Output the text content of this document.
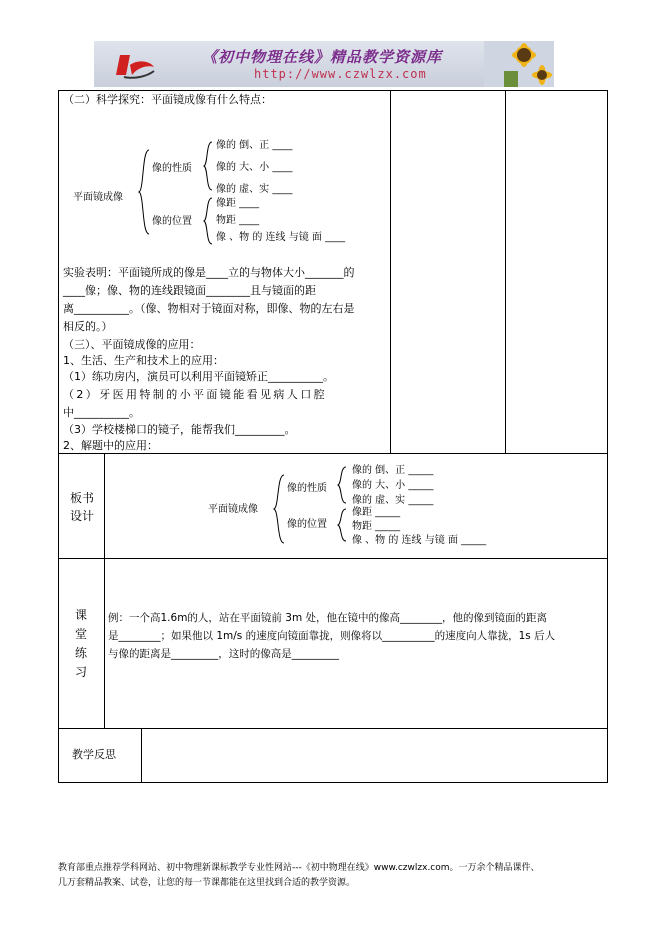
《初中物理在线》精品教学资源库
http://www.czwlzx.com
（二）科学探究：平面镜成像有什么特点：
平面镜成像
像的性质
像的 倒、正 ____
像的 大、小 ____
像的 虚、实 ____
像的位置
像距 ____
物距 ____
像 、物 的 连线 与镜 面 ____
实验表明：平面镜所成的像是____立的与物体大小_______的
____像；像、物的连线跟镜面________且与镜面的距
离__________。（像、物相对于镜面对称，即像、物的左右是
相反的。）
（三）、平面镜成像的应用：
1、生活、生产和技术上的应用：
（1）练功房内，演员可以利用平面镜矫正__________。
（2）牙医用特制的小平面镜能看见病人口腔
中__________。
（3）学校楼梯口的镜子，能帮我们_________。
2、解题中的应用：
板书
设计	平面镜成像
像的性质
像的 倒、正 _____
像的 大、小 _____
像的 虚、实 _____
像的位置
像距 _____
物距 _____
像 、物 的 连线 与镜 面 _____
课
堂
练
习
例：一个高1.6m的人，站在平面镜前 3m 处，他在镜中的像高________，他的像到镜面的距离
是________；如果他以 1m/s 的速度向镜面靠拢，则像将以__________的速度向人靠拢，1s 后人
与像的距离是_________，这时的像高是_________
教学反思
教育部重点推荐学科网站、初中物理新课标教学专业性网站---《初中物理在线》www.czwlzx.com。一万余个精品课件、
几万套精品教案、试卷，让您的每一节课都能在这里找到合适的教学资源。
